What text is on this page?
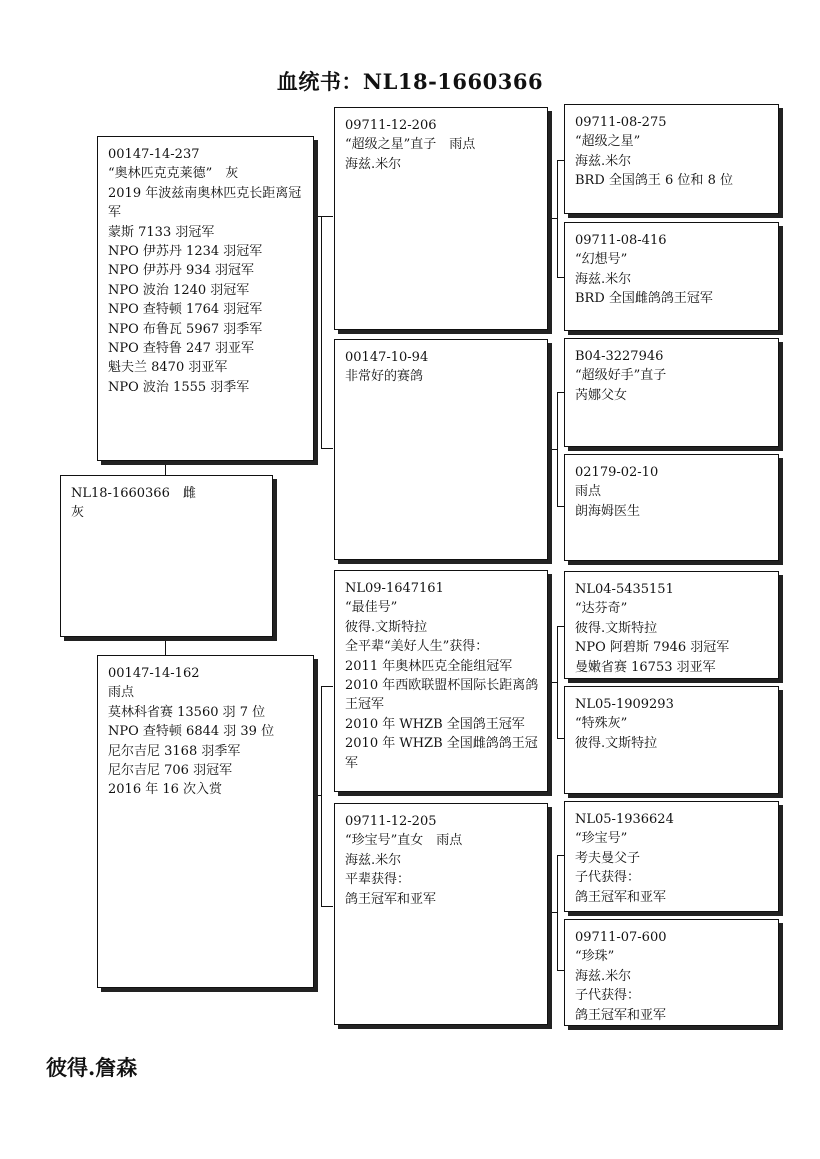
血统书：NL18-1660366
NL18-1660366　雌
灰
00147-14-237
“奥林匹克克莱德”　灰
2019 年波兹南奥林匹克长距离冠军
蒙斯 7133 羽冠军
NPO 伊苏丹 1234 羽冠军
NPO 伊苏丹 934 羽冠军
NPO 波治 1240 羽冠军
NPO 查特顿 1764 羽冠军
NPO 布鲁瓦 5967 羽季军
NPO 查特鲁 247 羽亚军
魁夫兰 8470 羽亚军
NPO 波治 1555 羽季军
00147-14-162
雨点
莫林科省赛 13560 羽 7 位
NPO 查特顿 6844 羽 39 位
尼尔吉尼 3168 羽季军
尼尔吉尼 706 羽冠军
2016 年 16 次入赏
09711-12-206
“超级之星”直子　雨点
海兹.米尔
00147-10-94
非常好的赛鸽
NL09-1647161
“最佳号”
彼得.文斯特拉
全平辈“美好人生”获得：
2011 年奥林匹克全能组冠军
2010 年西欧联盟杯国际长距离鸽王冠军
2010 年 WHZB 全国鸽王冠军
2010 年 WHZB 全国雌鸽鸽王冠军
09711-12-205
“珍宝号”直女　雨点
海兹.米尔
平辈获得：
鸽王冠军和亚军
09711-08-275
“超级之星”
海兹.米尔
BRD 全国鸽王 6 位和 8 位
09711-08-416
“幻想号”
海兹.米尔
BRD 全国雌鸽鸽王冠军
B04-3227946
“超级好手”直子
芮娜父女
02179-02-10
雨点
朗海姆医生
NL04-5435151
“达芬奇”
彼得.文斯特拉
NPO 阿碧斯 7946 羽冠军
曼嫩省赛 16753 羽亚军
NL05-1909293
“特殊灰”
彼得.文斯特拉
NL05-1936624
“珍宝号”
考夫曼父子
子代获得：
鸽王冠军和亚军
09711-07-600
“珍珠”
海兹.米尔
子代获得：
鸽王冠军和亚军
彼得.詹森
